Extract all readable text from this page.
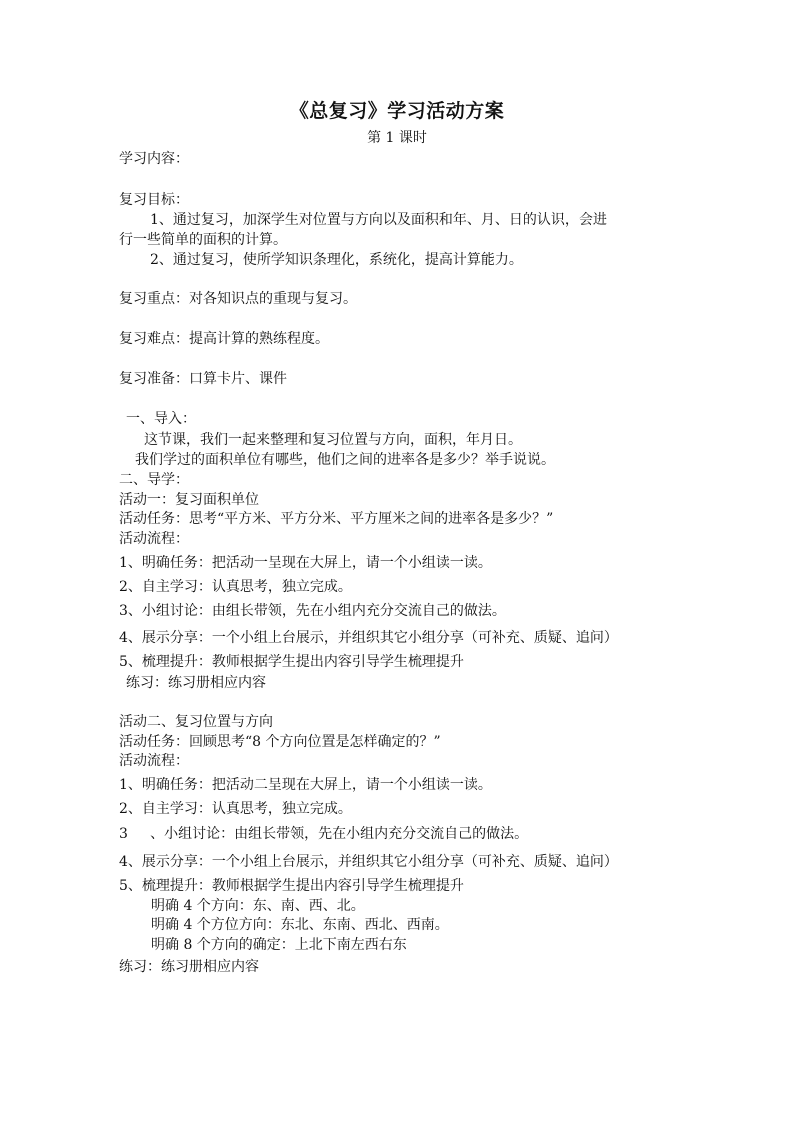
《总复习》学习活动方案
第 1 课时
学习内容：
复习目标：
1、通过复习，加深学生对位置与方向以及面积和年、月、日的认识，会进
行一些简单的面积的计算。
2、通过复习，使所学知识条理化，系统化，提高计算能力。
复习重点：对各知识点的重现与复习。
复习难点：提高计算的熟练程度。
复习准备：口算卡片、课件
一、导入：
这节课，我们一起来整理和复习位置与方向，面积，年月日。
我们学过的面积单位有哪些，他们之间的进率各是多少？举手说说。
二、导学：
活动一：复习面积单位
活动任务：思考“平方米、平方分米、平方厘米之间的进率各是多少？”
活动流程：
1、明确任务：把活动一呈现在大屏上，请一个小组读一读。
2、自主学习：认真思考，独立完成。
3、小组讨论：由组长带领，先在小组内充分交流自己的做法。
4、展示分享：一个小组上台展示，并组织其它小组分享（可补充、质疑、追问）
5、梳理提升：教师根据学生提出内容引导学生梳理提升
练习：练习册相应内容
活动二、复习位置与方向
活动任务：回顾思考“8 个方向位置是怎样确定的？”
活动流程：
1、明确任务：把活动二呈现在大屏上，请一个小组读一读。
2、自主学习：认真思考，独立完成。
3     、小组讨论：由组长带领，先在小组内充分交流自己的做法。
4、展示分享：一个小组上台展示，并组织其它小组分享（可补充、质疑、追问）
5、梳理提升：教师根据学生提出内容引导学生梳理提升
明确 4 个方向：东、南、西、北。
明确 4 个方位方向：东北、东南、西北、西南。
明确 8 个方向的确定：上北下南左西右东
练习：练习册相应内容
